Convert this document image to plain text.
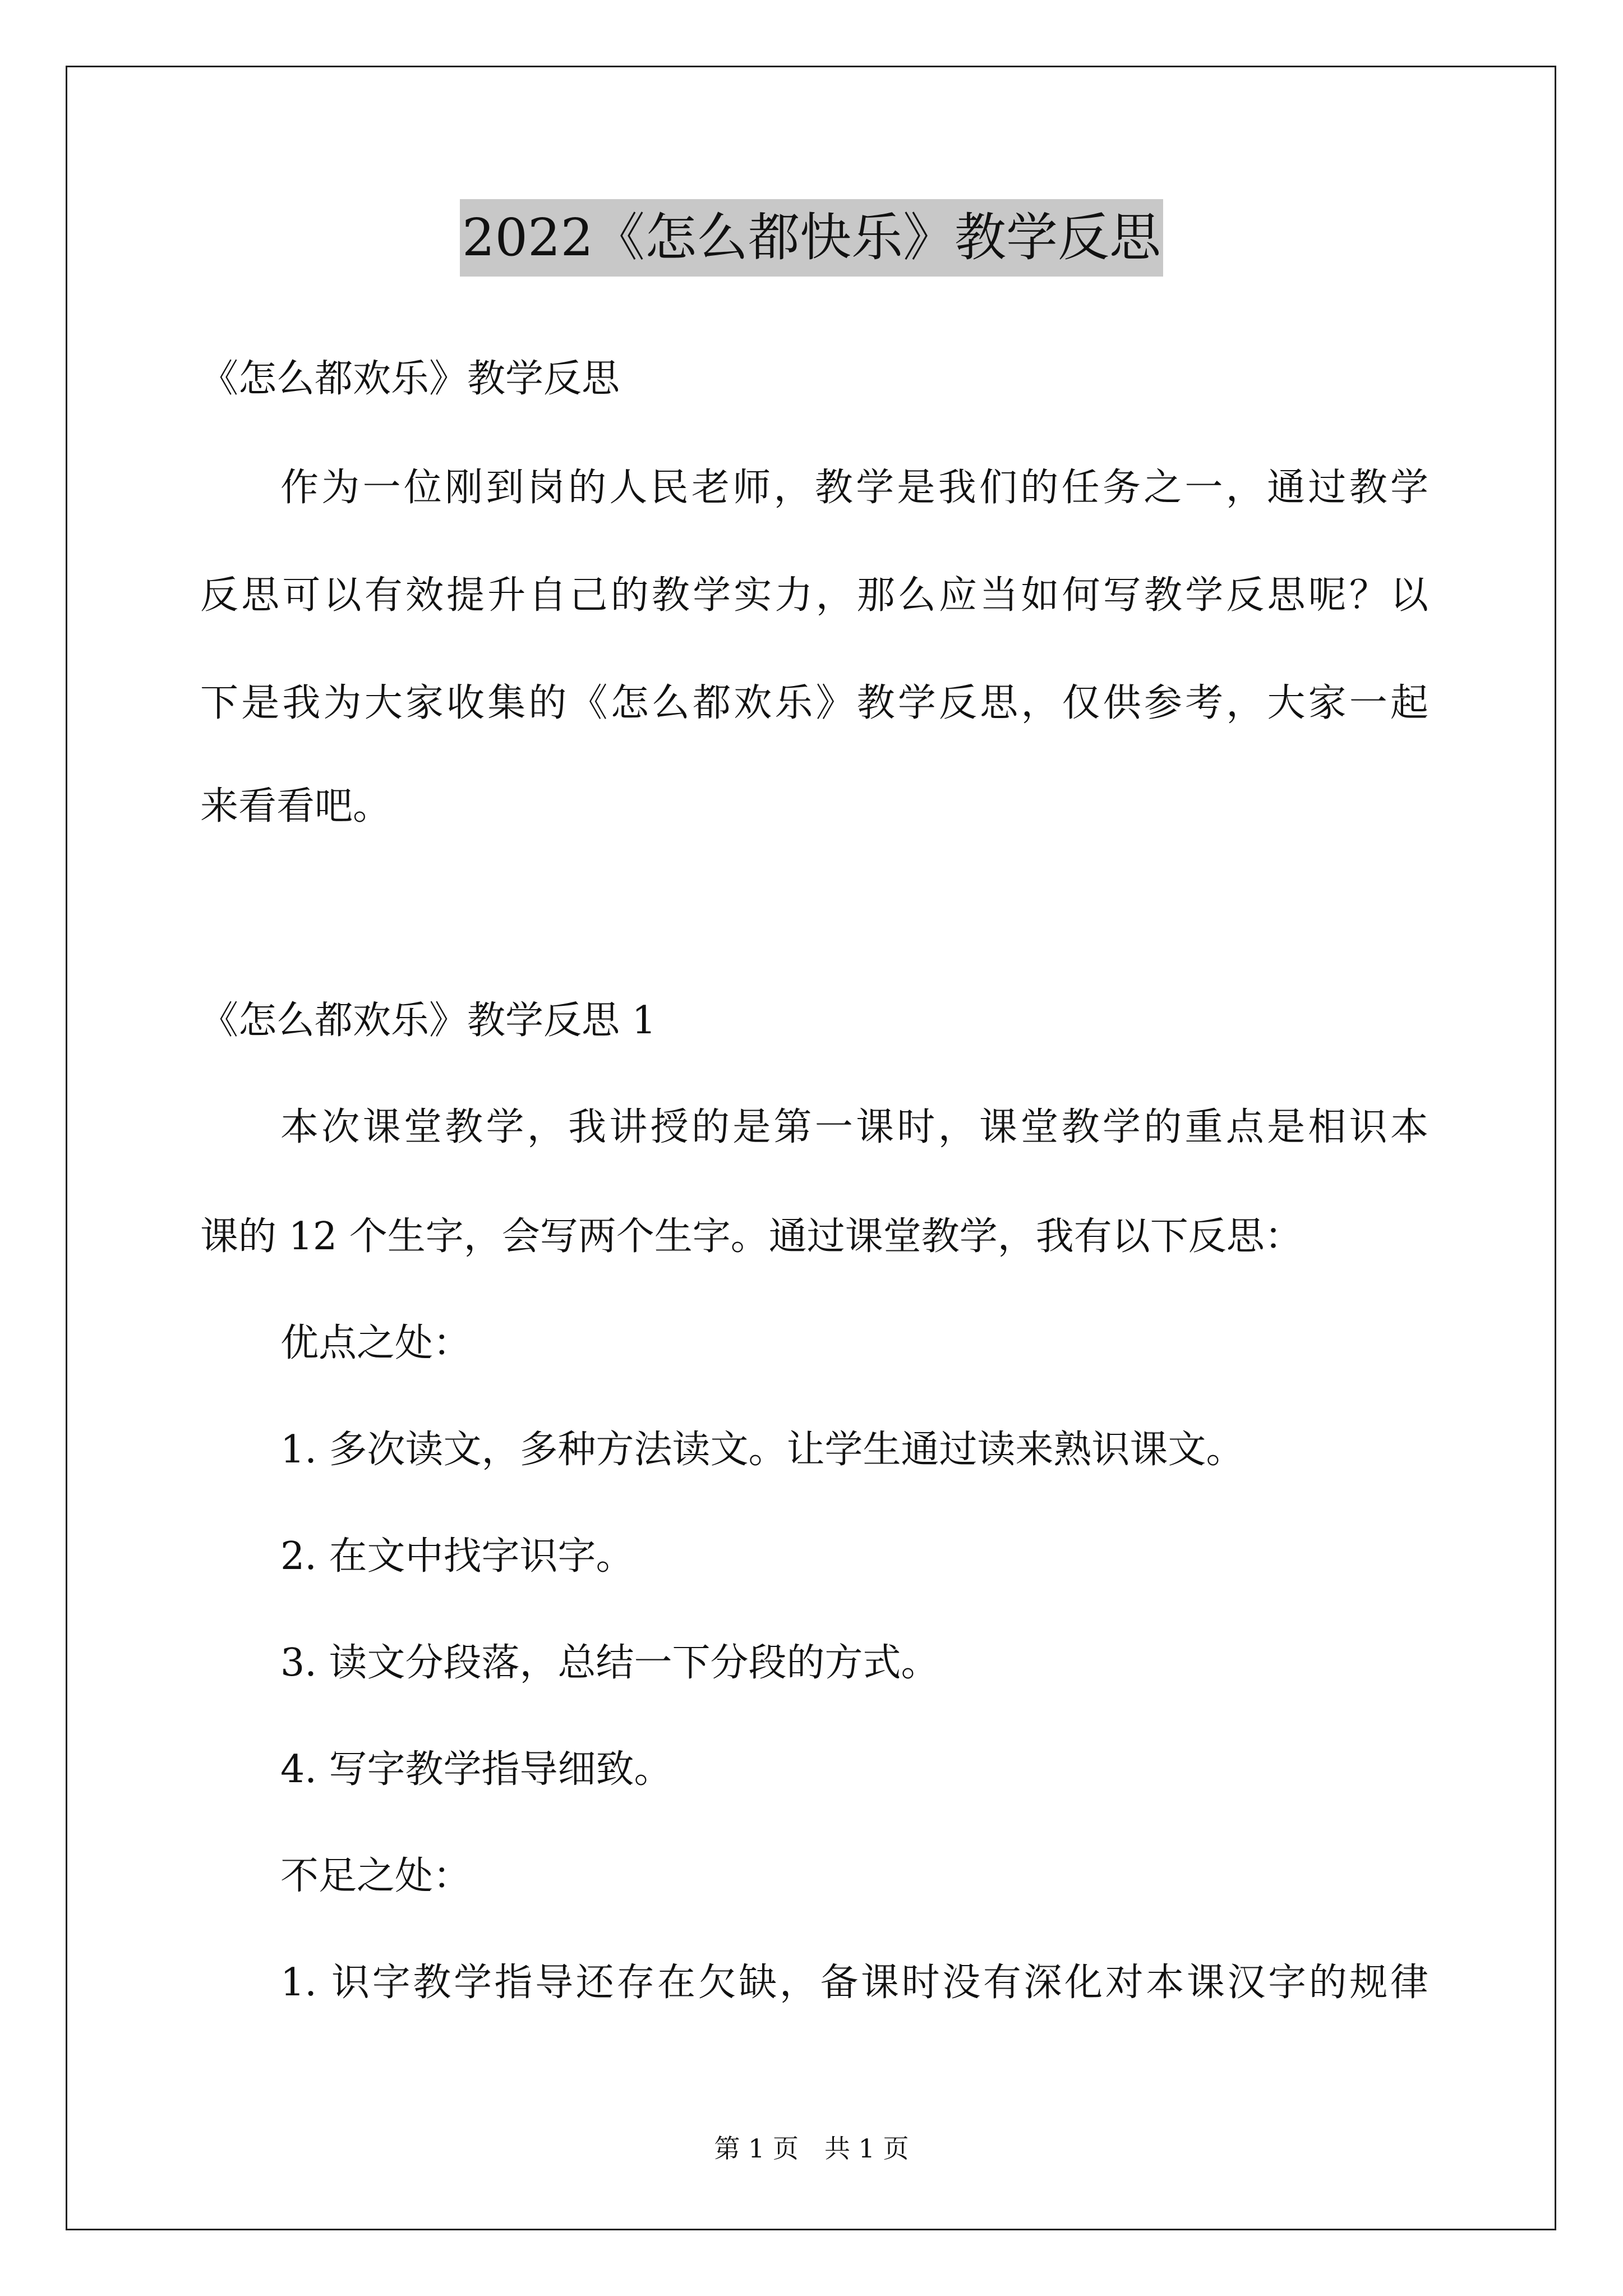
2022《怎么都快乐》教学反思
《怎么都欢乐》教学反思
作为一位刚到岗的人民老师，教学是我们的任务之一，通过教学
反思可以有效提升自己的教学实力，那么应当如何写教学反思呢？以
下是我为大家收集的《怎么都欢乐》教学反思，仅供参考，大家一起
来看看吧。
《怎么都欢乐》教学反思 1
本次课堂教学，我讲授的是第一课时，课堂教学的重点是相识本
课的 12 个生字，会写两个生字。通过课堂教学，我有以下反思：
优点之处：
1. 多次读文，多种方法读文。让学生通过读来熟识课文。
2. 在文中找字识字。
3. 读文分段落，总结一下分段的方式。
4. 写字教学指导细致。
不足之处：
1. 识字教学指导还存在欠缺，备课时没有深化对本课汉字的规律
第 1 页　共 1 页
